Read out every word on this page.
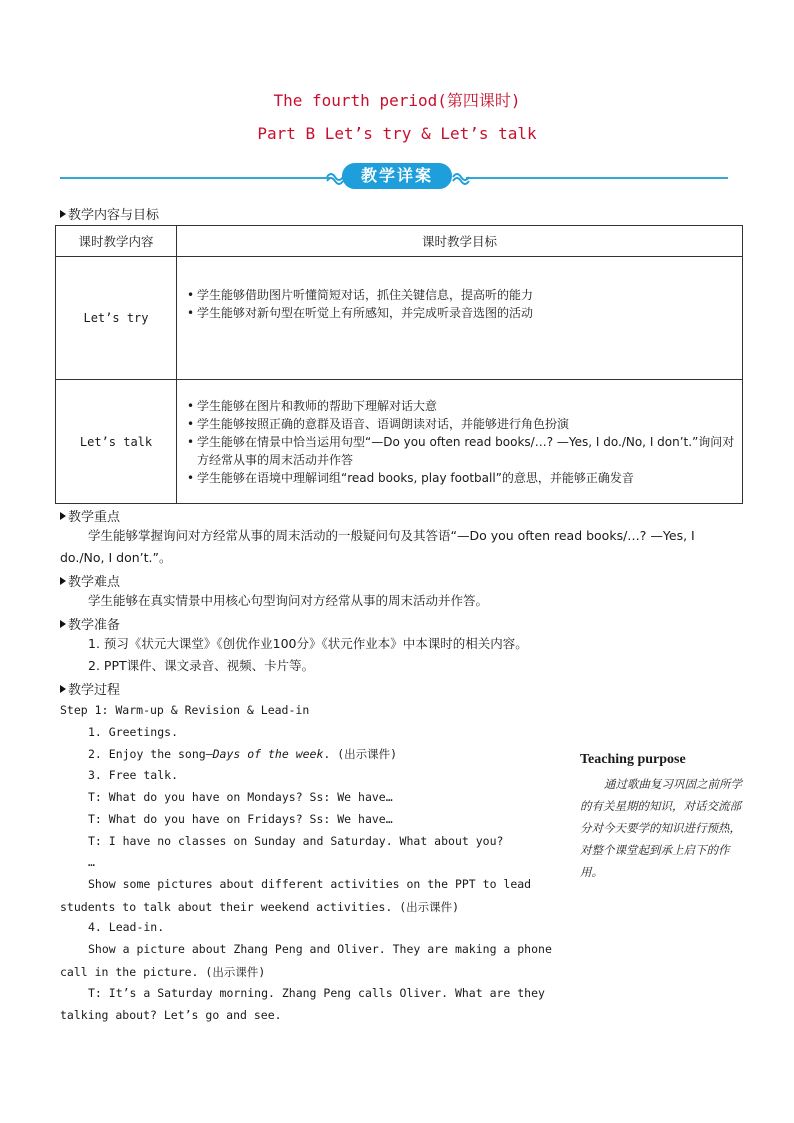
The fourth period(第四课时)
Part B Let’s try & Let’s talk
教学详案
教学内容与目标
课时教学内容	课时教学目标
Let’s try	• 学生能够借助图片听懂简短对话，抓住关键信息，提高听的能力
• 学生能够对新句型在听觉上有所感知，并完成听录音选图的活动

Let’s talk	• 学生能够在图片和教师的帮助下理解对话大意
• 学生能够按照正确的意群及语音、语调朗读对话，并能够进行角色扮演
• 学生能够在情景中恰当运用句型“—Do you often read books/…? —Yes, I do./No, I don’t.”询问对方经常从事的周末活动并作答
• 学生能够在语境中理解词组“read books, play football”的意思，并能够正确发音
教学重点
学生能够掌握询问对方经常从事的周末活动的一般疑问句及其答语“—Do you often read books/…? —Yes, I do./No, I don’t.”。
教学难点
学生能够在真实情景中用核心句型询问对方经常从事的周末活动并作答。
教学准备
1. 预习《状元大课堂》《创优作业100分》《状元作业本》中本课时的相关内容。
2. PPT课件、课文录音、视频、卡片等。
教学过程
Step 1: Warm-up & Revision & Lead-in
1. Greetings.
2. Enjoy the song—Days of the week. (出示课件)
3. Free talk.
T: What do you have on Mondays? Ss: We have…
T: What do you have on Fridays? Ss: We have…
T: I have no classes on Sunday and Saturday. What about you?
…
Show some pictures about different activities on the PPT to lead
students to talk about their weekend activities. (出示课件)
4. Lead-in.
Show a picture about Zhang Peng and Oliver. They are making a phone
call in the picture. (出示课件)
T: It’s a Saturday morning. Zhang Peng calls Oliver. What are they
talking about? Let’s go and see.
Teaching purpose
通过歌曲复习巩固之前所学的有关星期的知识，对话交流部分对今天要学的知识进行预热，对整个课堂起到承上启下的作用。
